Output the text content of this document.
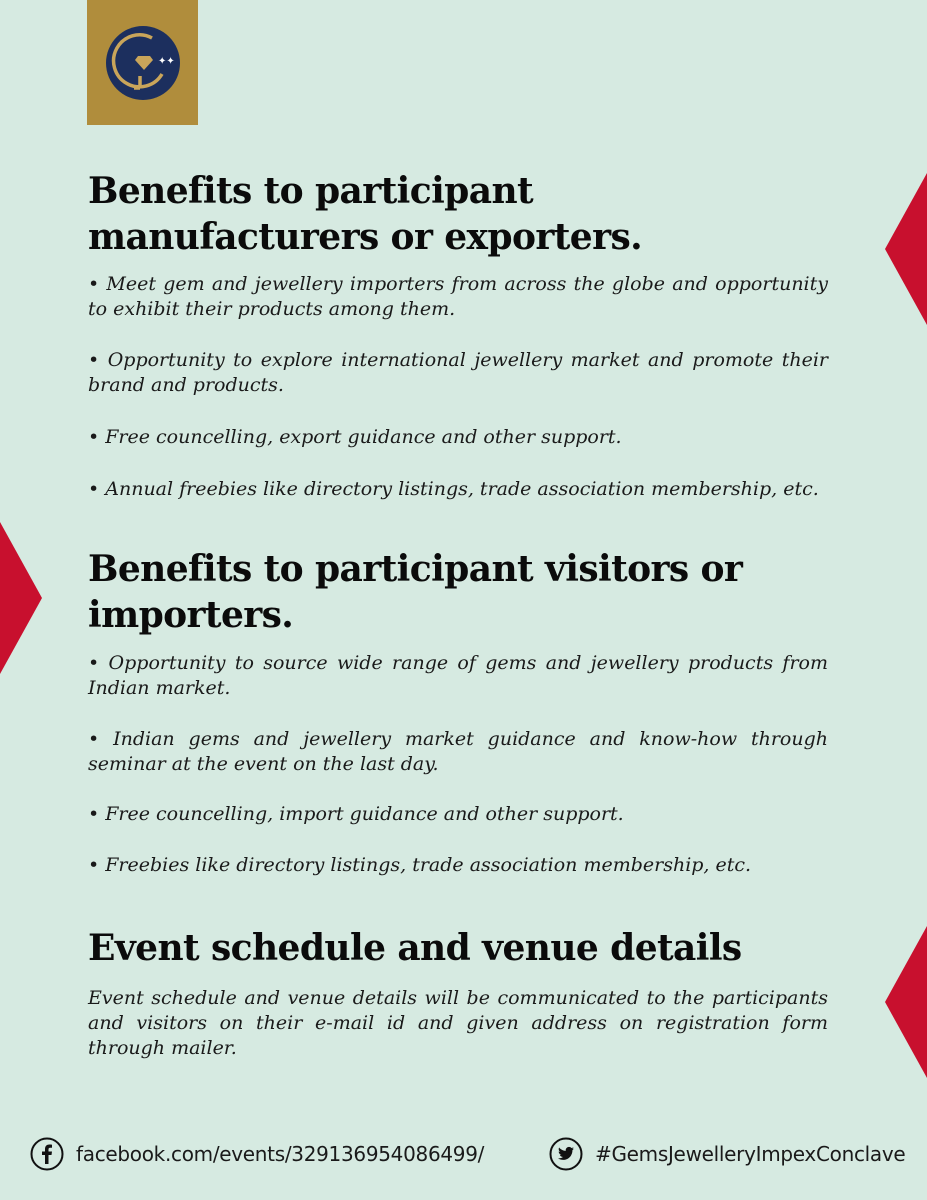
✦✦
Benefits to participant manufacturers or exporters.

• Meet gem and jewellery importers from across the globe and opportunity to exhibit their products among them.

• Opportunity to explore international jewellery market and promote their brand and products.

• Free councelling, export guidance and other support.

• Annual freebies like directory listings, trade association membership, etc.

Benefits to participant visitors or importers.

• Opportunity to source wide range of gems and jewellery products from Indian market.

• Indian gems and jewellery market guidance and know-how through seminar at the event on the last day.

• Free councelling, import guidance and other support.

• Freebies like directory listings, trade association membership, etc.

Event schedule and venue details

Event schedule and venue details will be communicated to the participants and visitors on their e-mail id and given address on registration form through mailer.

facebook.com/events/329136954086499/	#GemsJewelleryImpexConclave
